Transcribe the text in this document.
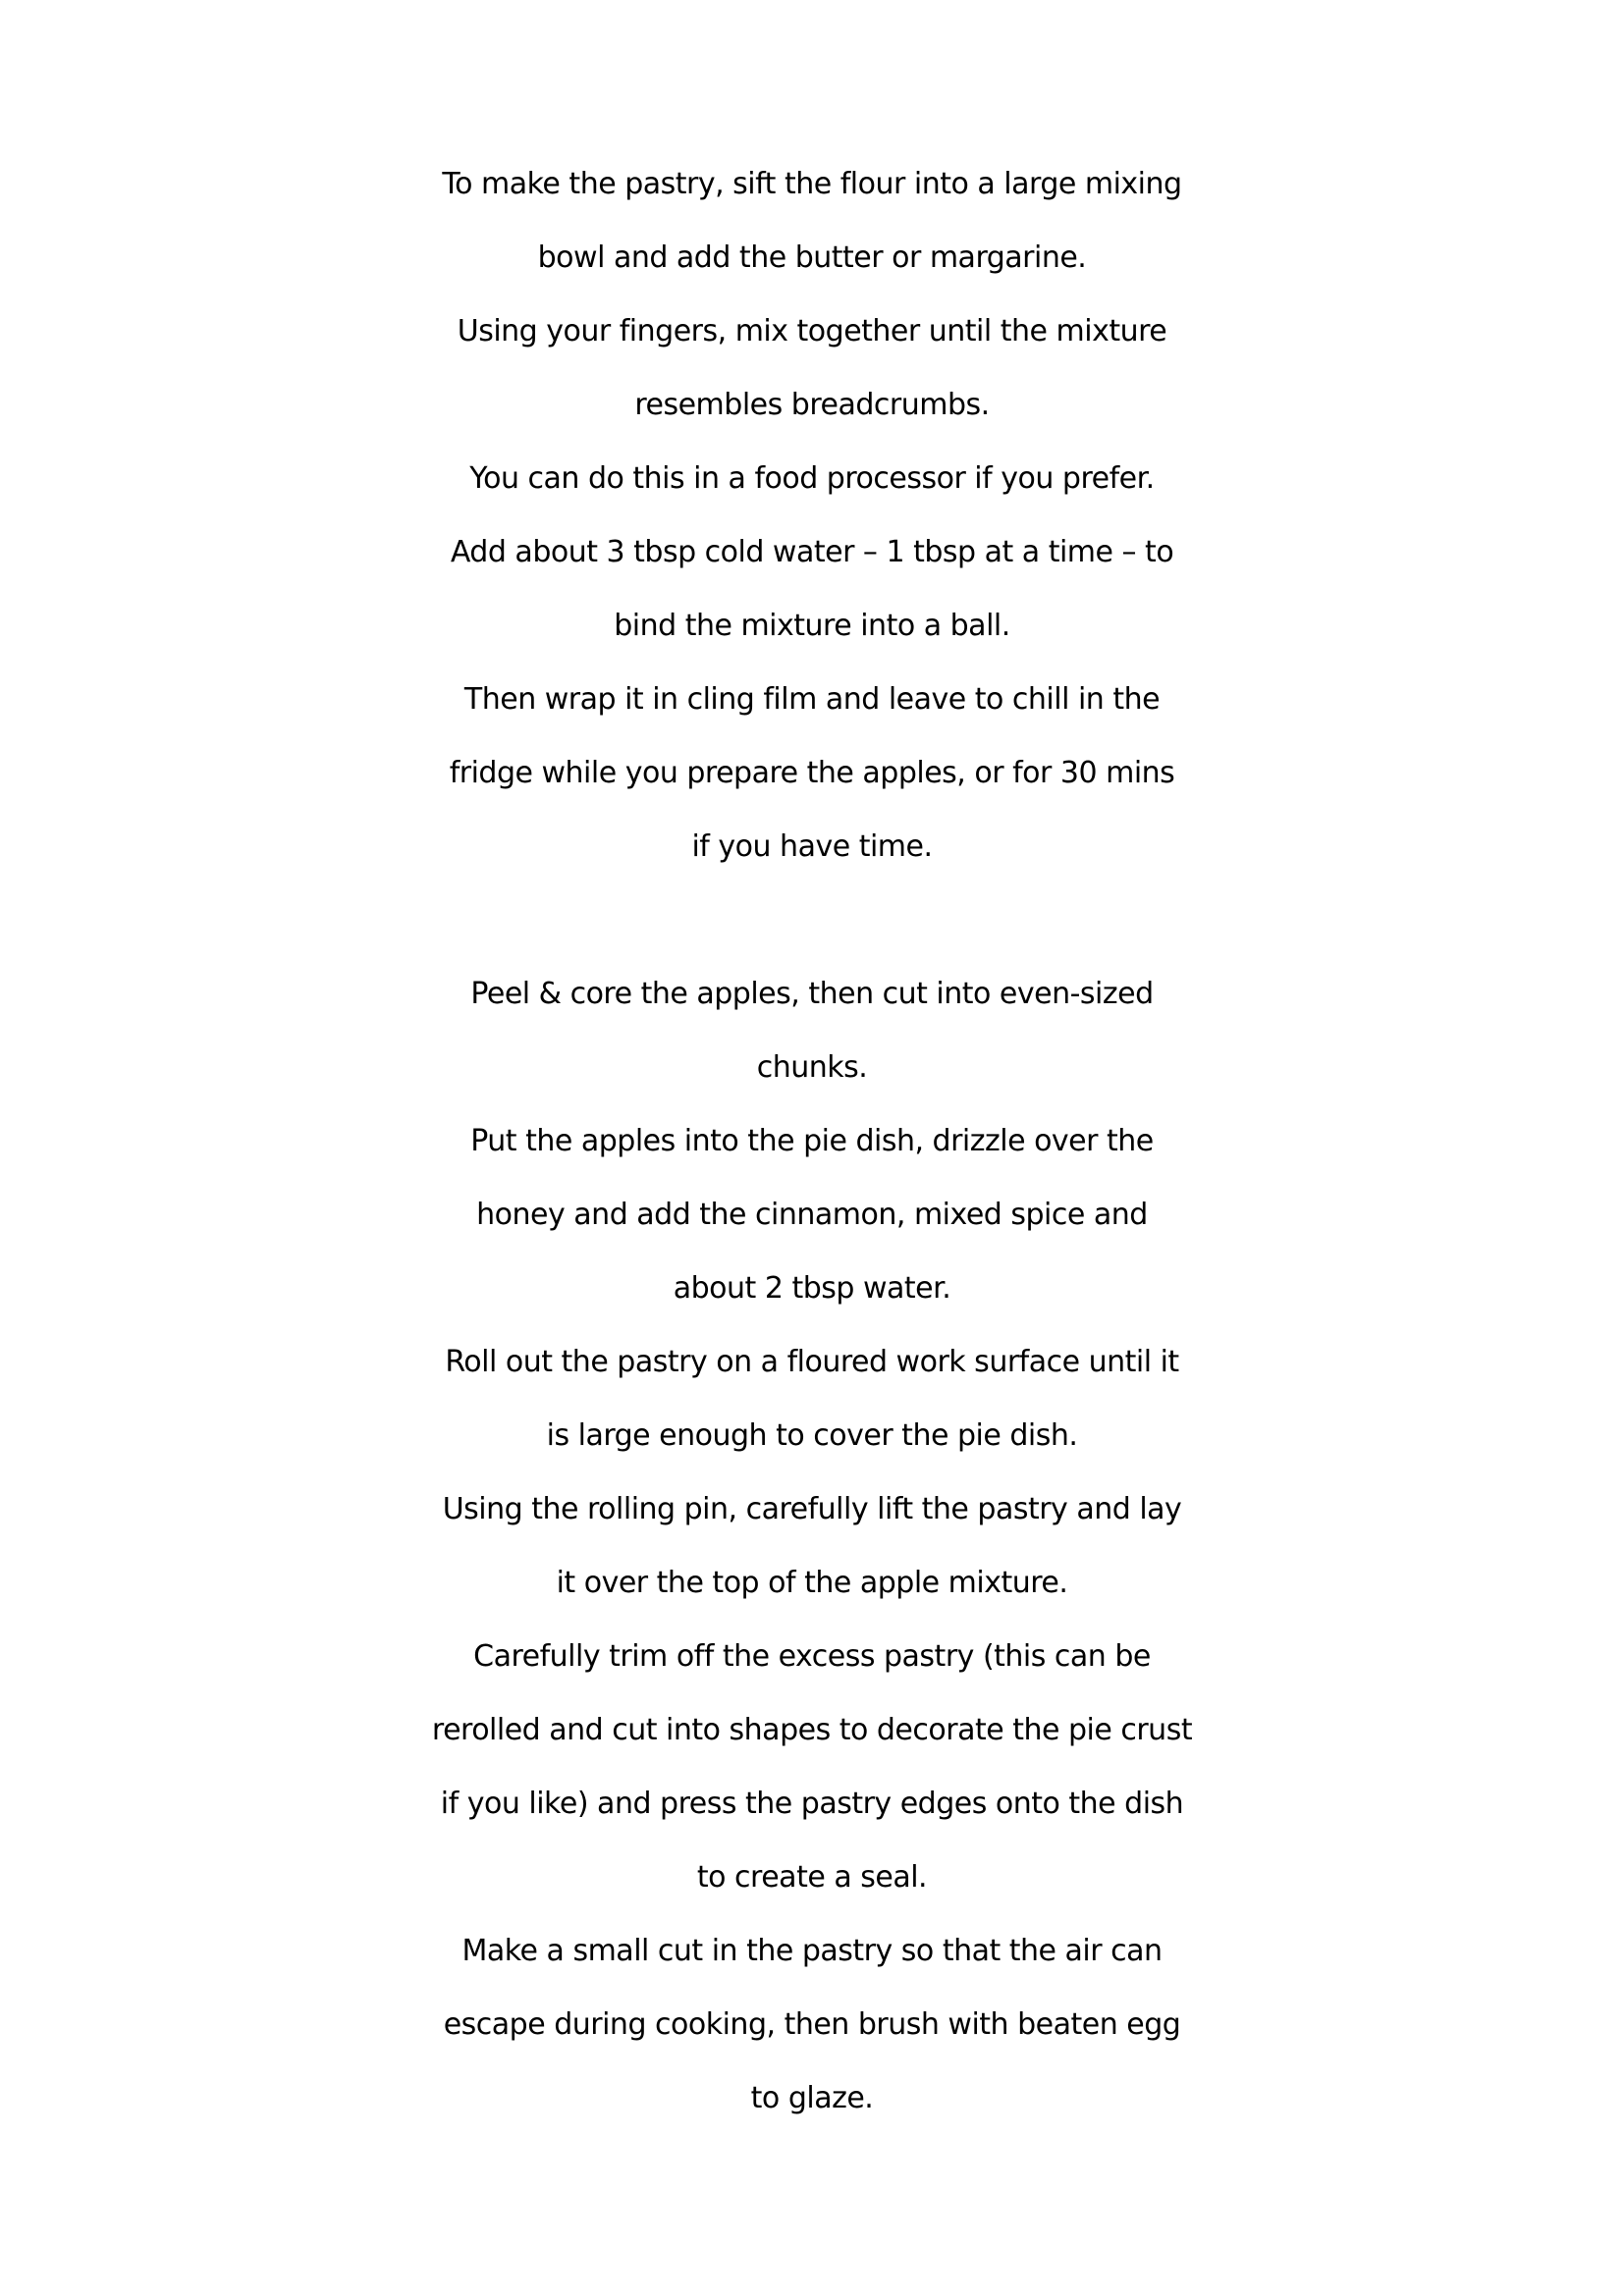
To make the pastry, sift the flour into a large mixing
bowl and add the butter or margarine.
Using your fingers, mix together until the mixture
resembles breadcrumbs.
You can do this in a food processor if you prefer.
Add about 3 tbsp cold water – 1 tbsp at a time – to
bind the mixture into a ball.
Then wrap it in cling film and leave to chill in the
fridge while you prepare the apples, or for 30 mins
if you have time.

Peel & core the apples, then cut into even-sized
chunks.
Put the apples into the pie dish, drizzle over the
honey and add the cinnamon, mixed spice and
about 2 tbsp water.
Roll out the pastry on a floured work surface until it
is large enough to cover the pie dish.
Using the rolling pin, carefully lift the pastry and lay
it over the top of the apple mixture.
Carefully trim off the excess pastry (this can be
rerolled and cut into shapes to decorate the pie crust
if you like) and press the pastry edges onto the dish
to create a seal.
Make a small cut in the pastry so that the air can
escape during cooking, then brush with beaten egg
to glaze.
